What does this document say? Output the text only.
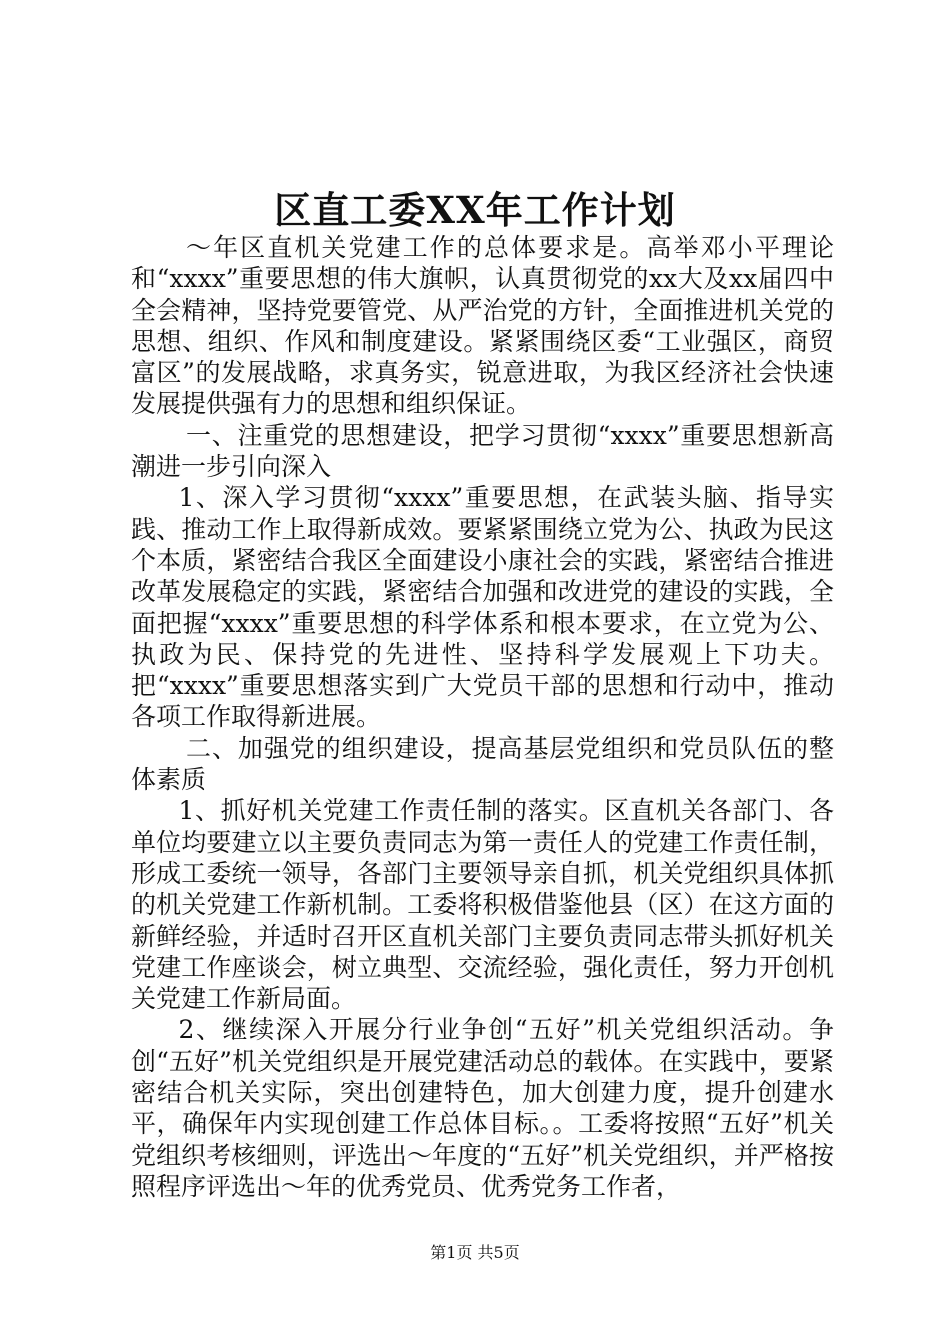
区直工委XX年工作计划

～年区直机关党建工作的总体要求是。高举邓小平理论和“xxxx”重要思想的伟大旗帜，认真贯彻党的xx大及xx届四中全会精神，坚持党要管党、从严治党的方针，全面推进机关党的思想、组织、作风和制度建设。紧紧围绕区委“工业强区，商贸富区”的发展战略，求真务实，锐意进取，为我区经济社会快速发展提供强有力的思想和组织保证。

一、注重党的思想建设，把学习贯彻“xxxx”重要思想新高潮进一步引向深入

1、深入学习贯彻“xxxx”重要思想，在武装头脑、指导实践、推动工作上取得新成效。要紧紧围绕立党为公、执政为民这个本质，紧密结合我区全面建设小康社会的实践，紧密结合推进改革发展稳定的实践，紧密结合加强和改进党的建设的实践，全面把握“xxxx”重要思想的科学体系和根本要求，在立党为公、执政为民、保持党的先进性、坚持科学发展观上下功夫。把“xxxx”重要思想落实到广大党员干部的思想和行动中，推动各项工作取得新进展。

二、加强党的组织建设，提高基层党组织和党员队伍的整体素质

1、抓好机关党建工作责任制的落实。区直机关各部门、各单位均要建立以主要负责同志为第一责任人的党建工作责任制，形成工委统一领导，各部门主要领导亲自抓，机关党组织具体抓的机关党建工作新机制。工委将积极借鉴他县（区）在这方面的新鲜经验，并适时召开区直机关部门主要负责同志带头抓好机关党建工作座谈会，树立典型、交流经验，强化责任，努力开创机关党建工作新局面。

2、继续深入开展分行业争创“五好”机关党组织活动。争创“五好”机关党组织是开展党建活动总的载体。在实践中，要紧密结合机关实际，突出创建特色，加大创建力度，提升创建水平，确保年内实现创建工作总体目标。。工委将按照“五好”机关党组织考核细则，评选出～年度的“五好”机关党组织，并严格按照程序评选出～年的优秀党员、优秀党务工作者，

第1页 共5页
